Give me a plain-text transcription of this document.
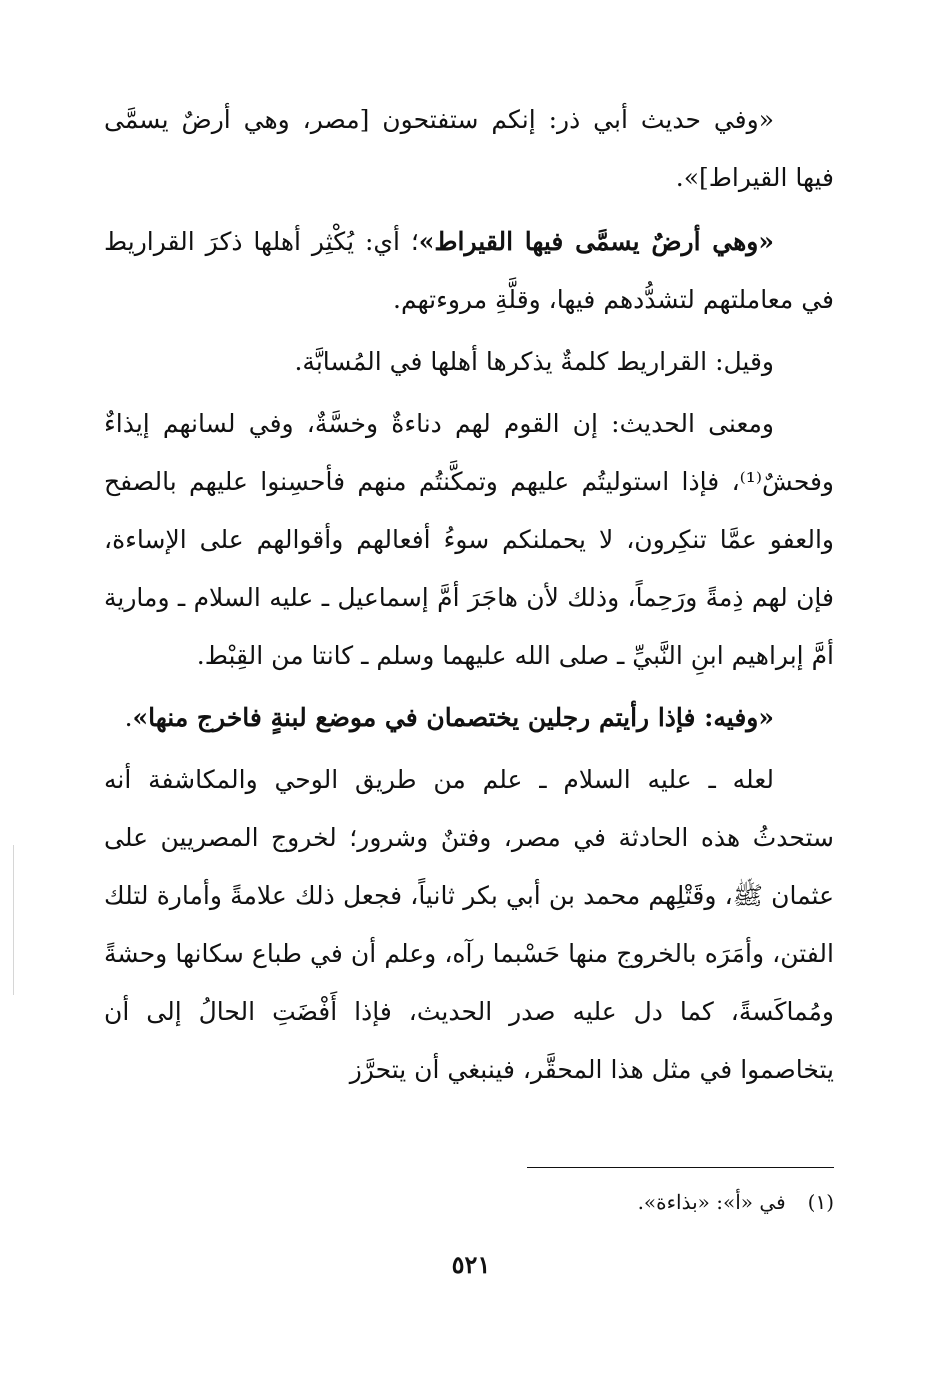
«وفي حديث أبي ذر: إنكم ستفتحون [مصر، وهي أرضٌ يسمَّى فيها القيراط]».

«وهي أرضٌ يسمَّى فيها القيراط»؛ أي: يُكْثِر أهلها ذكرَ القراريط في معاملتهم لتشدُّدهم فيها، وقلَّةِ مروءتهم.

وقيل: القراريط كلمةٌ يذكرها أهلها في المُسابَّة.

ومعنى الحديث: إن القوم لهم دناءةٌ وخسَّةٌ، وفي لسانهم إيذاءٌ وفحشٌ⁽¹⁾، فإذا استوليتُم عليهم وتمكَّنتُم منهم فأحسِنوا عليهم بالصفح والعفو عمَّا تنكِرون، لا يحملنكم سوءُ أفعالهم وأقوالهم على الإساءة، فإن لهم ذِمةً ورَحِماً، وذلك لأن هاجَرَ أمَّ إسماعيل ـ عليه السلام ـ ومارية أمَّ إبراهيم ابنِ النَّبيِّ ـ صلى الله عليهما وسلم ـ كانتا من القِبْط.

«وفيه: فإذا رأيتم رجلين يختصمان في موضع لبنةٍ فاخرج منها».

لعله ـ عليه السلام ـ علم من طريق الوحي والمكاشفة أنه ستحدثُ هذه الحادثة في مصر، وفتنٌ وشرور؛ لخروج المصريين على عثمان ﷺ، وقَتْلِهم محمد بن أبي بكر ثانياً، فجعل ذلك علامةً وأمارة لتلك الفتن، وأمَرَه بالخروج منها حَسْبما رآه، وعلم أن في طباع سكانها وحشةً ومُماكَسةً، كما دل عليه صدر الحديث، فإذا أَفْضَتِ الحالُ إلى أن يتخاصموا في مثل هذا المحقَّر، فينبغي أن يتحرَّز

(١)في «أ»: «بذاءة».
٥٢١
